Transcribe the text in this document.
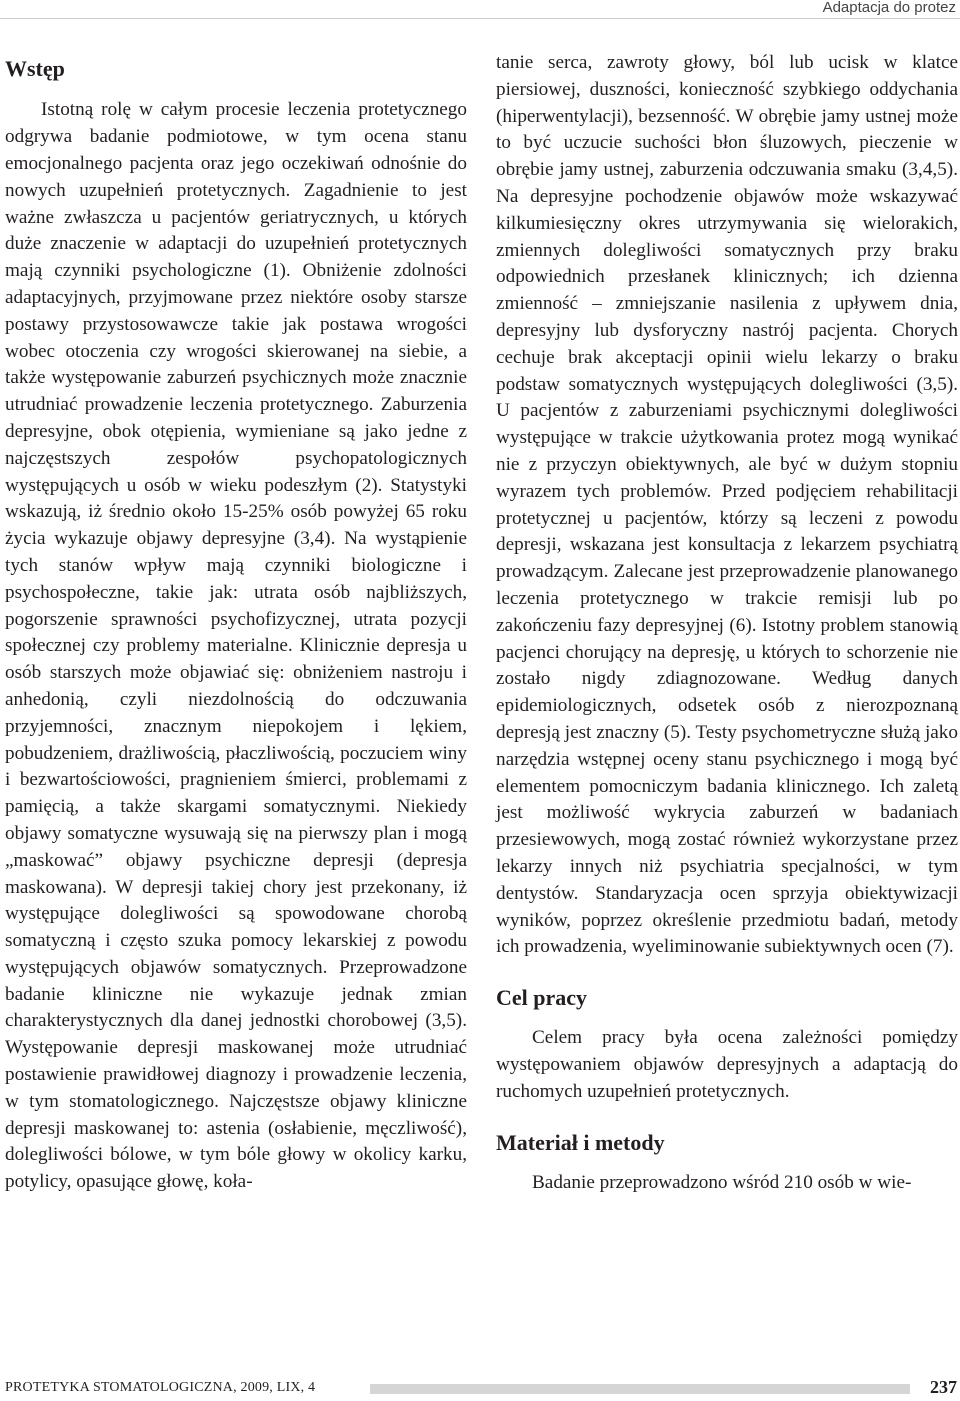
Adaptacja do protez
Wstęp

Istotną rolę w całym procesie leczenia protetycznego odgrywa badanie podmiotowe, w tym ocena stanu emocjonalnego pacjenta oraz jego oczekiwań odnośnie do nowych uzupełnień protetycznych. Zagadnienie to jest ważne zwłaszcza u pacjentów geriatrycznych, u których duże znaczenie w adaptacji do uzupełnień protetycznych mają czynniki psychologiczne (1). Obniżenie zdolności adaptacyjnych, przyjmowane przez niektóre osoby starsze postawy przystosowawcze takie jak postawa wrogości wobec otoczenia czy wrogości skierowanej na siebie, a także występowanie zaburzeń psychicznych może znacznie utrudniać prowadzenie leczenia protetycznego. Zaburzenia depresyjne, obok otępienia, wymieniane są jako jedne z najczęstszych zespołów psychopatologicznych występujących u osób w wieku podeszłym (2). Statystyki wskazują, iż średnio około 15-25% osób powyżej 65 roku życia wykazuje objawy depresyjne (3,4). Na wystąpienie tych stanów wpływ mają czynniki biologiczne i psychospołeczne, takie jak: utrata osób najbliższych, pogorszenie sprawności psychofizycznej, utrata pozycji społecznej czy problemy materialne. Klinicznie depresja u osób starszych może objawiać się: obniżeniem nastroju i anhedonią, czyli niezdolnością do odczuwania przyjemności, znacznym niepokojem i lękiem, pobudzeniem, drażliwością, płaczliwością, poczuciem winy i bezwartościowości, pragnieniem śmierci, problemami z pamięcią, a także skargami somatycznymi. Niekiedy objawy somatyczne wysuwają się na pierwszy plan i mogą „maskować” objawy psychiczne depresji (depresja maskowana). W depresji takiej chory jest przekonany, iż występujące dolegliwości są spowodowane chorobą somatyczną i często szuka pomocy lekarskiej z powodu występujących objawów somatycznych. Przeprowadzone badanie kliniczne nie wykazuje jednak zmian charakterystycznych dla danej jednostki chorobowej (3,5). Występowanie depresji maskowanej może utrudniać postawienie prawidłowej diagnozy i prowadzenie leczenia, w tym stomatologicznego. Najczęstsze objawy kliniczne depresji maskowanej to: astenia (osłabienie, męczliwość), dolegliwości bólowe, w tym bóle głowy w okolicy karku, potylicy, opasujące głowę, koła-

tanie serca, zawroty głowy, ból lub ucisk w klatce piersiowej, duszności, konieczność szybkiego oddychania (hiperwentylacji), bezsenność. W obrębie jamy ustnej może to być uczucie suchości błon śluzowych, pieczenie w obrębie jamy ustnej, zaburzenia odczuwania smaku (3,4,5). Na depresyjne pochodzenie objawów może wskazywać kilkumiesięczny okres utrzymywania się wielorakich, zmiennych dolegliwości somatycznych przy braku odpowiednich przesłanek klinicznych; ich dzienna zmienność – zmniejszanie nasilenia z upływem dnia, depresyjny lub dysforyczny nastrój pacjenta. Chorych cechuje brak akceptacji opinii wielu lekarzy o braku podstaw somatycznych występujących dolegliwości (3,5). U pacjentów z zaburzeniami psychicznymi dolegliwości występujące w trakcie użytkowania protez mogą wynikać nie z przyczyn obiektywnych, ale być w dużym stopniu wyrazem tych problemów. Przed podjęciem rehabilitacji protetycznej u pacjentów, którzy są leczeni z powodu depresji, wskazana jest konsultacja z lekarzem psychiatrą prowadzącym. Zalecane jest przeprowadzenie planowanego leczenia protetycznego w trakcie remisji lub po zakończeniu fazy depresyjnej (6). Istotny problem stanowią pacjenci chorujący na depresję, u których to schorzenie nie zostało nigdy zdiagnozowane. Według danych epidemiologicznych, odsetek osób z nierozpoznaną depresją jest znaczny (5). Testy psychometryczne służą jako narzędzia wstępnej oceny stanu psychicznego i mogą być elementem pomocniczym badania klinicznego. Ich zaletą jest możliwość wykrycia zaburzeń w badaniach przesiewowych, mogą zostać również wykorzystane przez lekarzy innych niż psychiatria specjalności, w tym dentystów. Standaryzacja ocen sprzyja obiektywizacji wyników, poprzez określenie przedmiotu badań, metody ich prowadzenia, wyeliminowanie subiektywnych ocen (7).

Cel pracy

Celem pracy była ocena zależności pomiędzy występowaniem objawów depresyjnych a adaptacją do ruchomych uzupełnień protetycznych.

Materiał i metody

Badanie przeprowadzono wśród 210 osób w wie-

PROTETYKA STOMATOLOGICZNA, 2009, LIX, 4	237
